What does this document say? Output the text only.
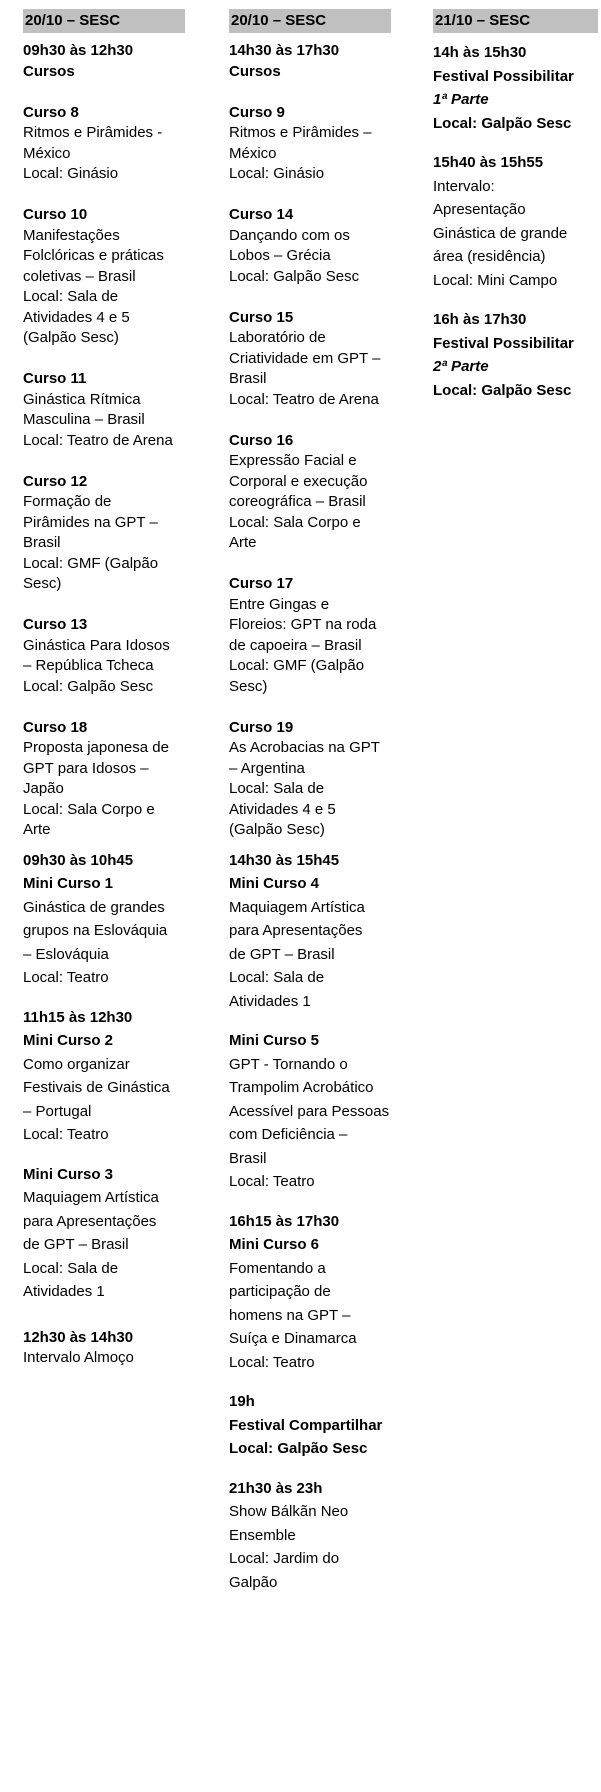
20/10 – SESC
09h30 às 12h30
Cursos
Curso 8
Ritmos e Pirâmides -
México
Local: Ginásio
Curso 10
Manifestações
Folclóricas e práticas
coletivas – Brasil
Local: Sala de
Atividades 4 e 5
(Galpão Sesc)
Curso 11
Ginástica Rítmica
Masculina – Brasil
Local: Teatro de Arena
Curso 12
Formação de
Pirâmides na GPT –
Brasil
Local: GMF (Galpão
Sesc)
Curso 13
Ginástica Para Idosos
– República Tcheca
Local: Galpão Sesc
Curso 18
Proposta japonesa de
GPT para Idosos –
Japão
Local: Sala Corpo e
Arte
09h30 às 10h45
Mini Curso 1
Ginástica de grandes
grupos na Eslováquia
– Eslováquia
Local: Teatro
11h15 às 12h30
Mini Curso 2
Como organizar
Festivais de Ginástica
– Portugal
Local: Teatro
Mini Curso 3
Maquiagem Artística
para Apresentações
de GPT – Brasil
Local: Sala de
Atividades 1
12h30 às 14h30
Intervalo Almoço
20/10 – SESC
14h30 às 17h30
Cursos
Curso 9
Ritmos e Pirâmides –
México
Local: Ginásio
Curso 14
Dançando com os
Lobos – Grécia
Local: Galpão Sesc
Curso 15
Laboratório de
Criatividade em GPT –
Brasil
Local: Teatro de Arena
Curso 16
Expressão Facial e
Corporal e execução
coreográfica – Brasil
Local: Sala Corpo e
Arte
Curso 17
Entre Gingas e
Floreios: GPT na roda
de capoeira – Brasil
Local: GMF (Galpão
Sesc)
Curso 19
As Acrobacias na GPT
– Argentina
Local: Sala de
Atividades 4 e 5
(Galpão Sesc)
14h30 às 15h45
Mini Curso 4
Maquiagem Artística
para Apresentações
de GPT – Brasil
Local: Sala de
Atividades 1
Mini Curso 5
GPT - Tornando o
Trampolim Acrobático
Acessível para Pessoas
com Deficiência –
Brasil
Local: Teatro
16h15 às 17h30
Mini Curso 6
Fomentando a
participação de
homens na GPT –
Suíça e Dinamarca
Local: Teatro
19h
Festival Compartilhar
Local: Galpão Sesc
21h30 às 23h
Show Bálkãn Neo
Ensemble
Local: Jardim do
Galpão
21/10 – SESC
14h às 15h30
Festival Possibilitar
1ª Parte
Local: Galpão Sesc
15h40 às 15h55
Intervalo:
Apresentação
Ginástica de grande
área (residência)
Local: Mini Campo
16h às 17h30
Festival Possibilitar
2ª Parte
Local: Galpão Sesc
